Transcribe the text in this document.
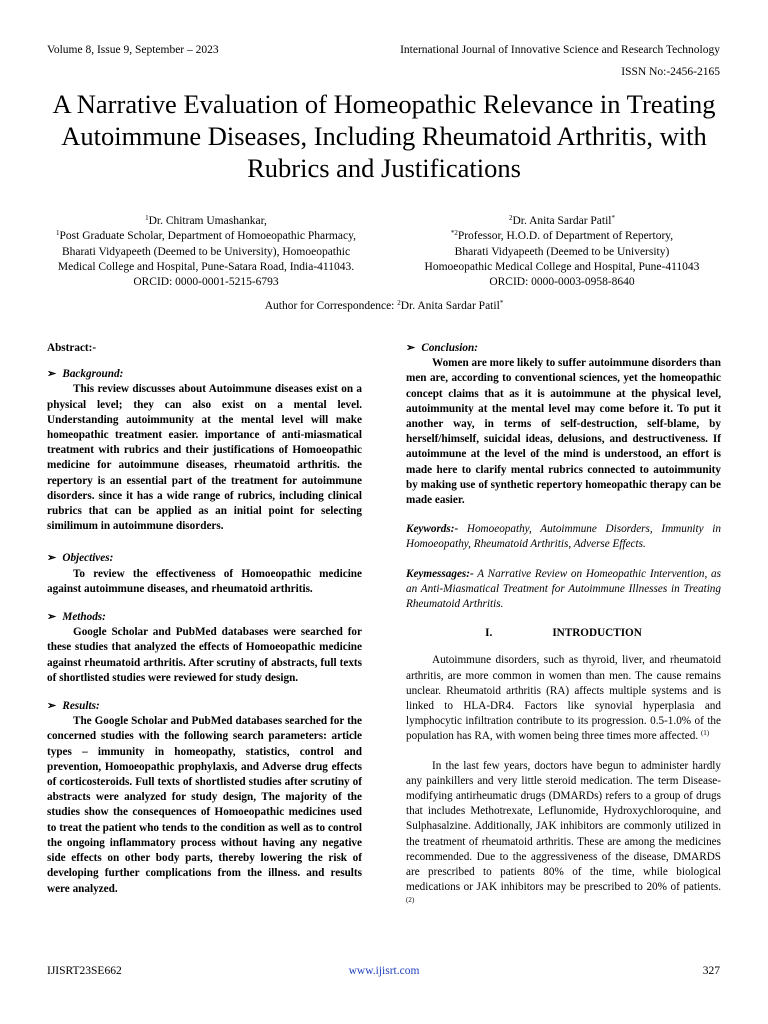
Volume 8, Issue 9, September – 2023	International Journal of Innovative Science and Research Technology
ISSN No:-2456-2165
A Narrative Evaluation of Homeopathic Relevance in Treating Autoimmune Diseases, Including Rheumatoid Arthritis, with Rubrics and Justifications
$^1$Dr. Chitram Umashankar,
$^1$Post Graduate Scholar, Department of Homoeopathic Pharmacy, Bharati Vidyapeeth (Deemed to be University), Homoeopathic Medical College and Hospital, Pune-Satara Road, India-411043. ORCID: 0000-0001-5215-6793
$^2$Dr. Anita Sardar Patil*
$^{*2}$Professor, H.O.D. of Department of Repertory,
Bharati Vidyapeeth (Deemed to be University)
Homoeopathic Medical College and Hospital, Pune-411043
ORCID: 0000-0003-0958-8640
Author for Correspondence: $^2$Dr. Anita Sardar Patil*
Abstract:-
➢ Background:
This review discusses about Autoimmune diseases exist on a physical level; they can also exist on a mental level. Understanding autoimmunity at the mental level will make homeopathic treatment easier. importance of anti-miasmatical treatment with rubrics and their justifications of Homoeopathic medicine for autoimmune diseases, rheumatoid arthritis. the repertory is an essential part of the treatment for autoimmune disorders. since it has a wide range of rubrics, including clinical rubrics that can be applied as an initial point for selecting similimum in autoimmune disorders.
➢ Objectives:
To review the effectiveness of Homoeopathic medicine against autoimmune diseases, and rheumatoid arthritis.
➢ Methods:
Google Scholar and PubMed databases were searched for these studies that analyzed the effects of Homoeopathic medicine against rheumatoid arthritis. After scrutiny of abstracts, full texts of shortlisted studies were reviewed for study design.
➢ Results:
The Google Scholar and PubMed databases searched for the concerned studies with the following search parameters: article types – immunity in homeopathy, statistics, control and prevention, Homoeopathic prophylaxis, and Adverse drug effects of corticosteroids. Full texts of shortlisted studies after scrutiny of abstracts were analyzed for study design, The majority of the studies show the consequences of Homoeopathic medicines used to treat the patient who tends to the condition as well as to control the ongoing inflammatory process without having any negative side effects on other body parts, thereby lowering the risk of developing further complications from the illness. and results were analyzed.
➢ Conclusion:
Women are more likely to suffer autoimmune disorders than men are, according to conventional sciences, yet the homeopathic concept claims that as it is autoimmune at the physical level, autoimmunity at the mental level may come before it. To put it another way, in terms of self-destruction, self-blame, by herself/himself, suicidal ideas, delusions, and destructiveness. If autoimmune at the level of the mind is understood, an effort is made here to clarify mental rubrics connected to autoimmunity by making use of synthetic repertory homeopathic therapy can be made easier.
Keywords:- Homoeopathy, Autoimmune Disorders, Immunity in Homoeopathy, Rheumatoid Arthritis, Adverse Effects.
Keymessages:- A Narrative Review on Homeopathic Intervention, as an Anti-Miasmatical Treatment for Autoimmune Illnesses in Treating Rheumatoid Arthritis.
I.	INTRODUCTION
Autoimmune disorders, such as thyroid, liver, and rheumatoid arthritis, are more common in women than men. The cause remains unclear. Rheumatoid arthritis (RA) affects multiple systems and is linked to HLA-DR4. Factors like synovial hyperplasia and lymphocytic infiltration contribute to its progression. 0.5-1.0% of the population has RA, with women being three times more affected. $^{(1)}$
In the last few years, doctors have begun to administer hardly any painkillers and very little steroid medication. The term Disease-modifying antirheumatic drugs (DMARDs) refers to a group of drugs that includes Methotrexate, Leflunomide, Hydroxychloroquine, and Sulphasalzine. Additionally, JAK inhibitors are commonly utilized in the treatment of rheumatoid arthritis. These are among the medicines recommended. Due to the aggressiveness of the disease, DMARDS are prescribed to patients 80% of the time, while biological medications or JAK inhibitors may be prescribed to 20% of patients. $^{(2)}$
IJISRT23SE662	www.ijisrt.com	327
